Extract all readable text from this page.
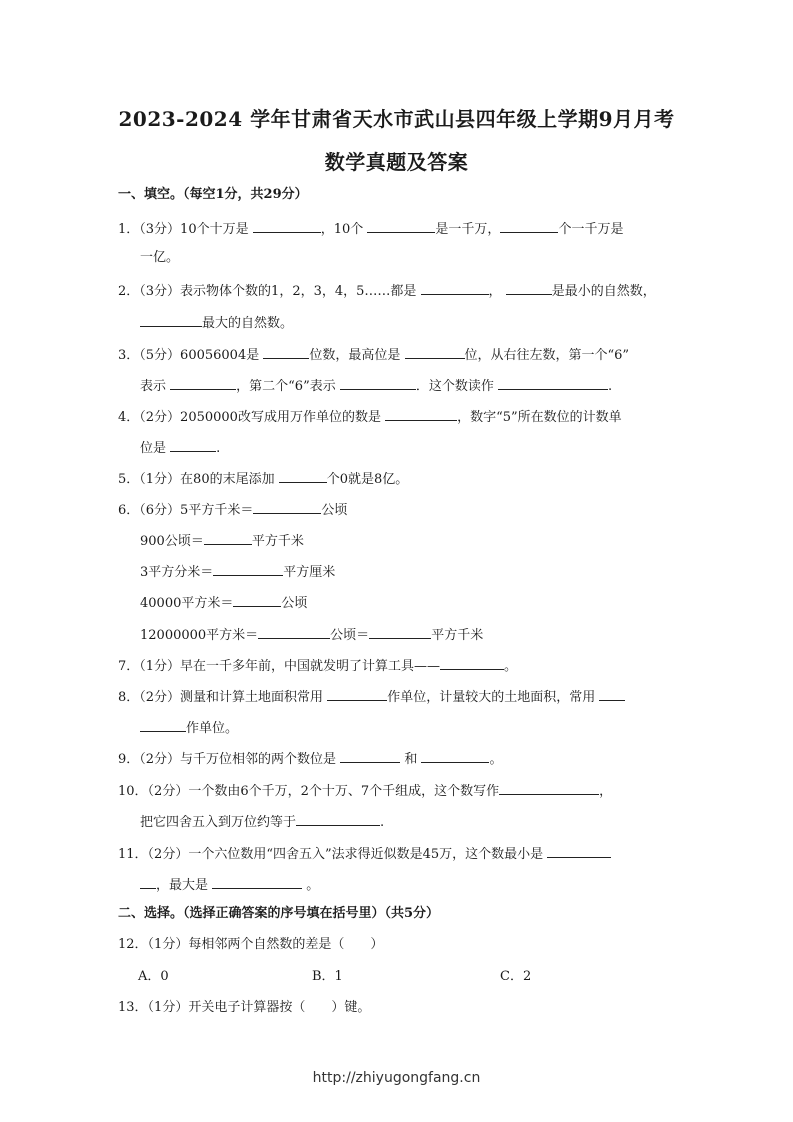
2023-2024 学年甘肃省天水市武山县四年级上学期9月月考
数学真题及答案
一、填空。（每空1分，共29分）
1．（3分）10个十万是	，10个	是一千万，	个一千万是
一亿。
2．（3分）表示物体个数的1，2，3，4，5……都是	，	是最小的自然数，
最大的自然数。
3．（5分）60056004是	位数，最高位是	位，从右往左数，第一个“6”
表示	，第二个“6”表示	．这个数读作	.
4．（2分）2050000改写成用万作单位的数是	，数字“5”所在数位的计数单
位是	.
5．（1分）在80的末尾添加	个0就是8亿。
6．（6分）5平方千米＝	公顷
900公顷＝	平方千米
3平方分米＝	平方厘米
40000平方米＝	公顷
12000000平方米＝	公顷＝	平方千米
7．（1分）早在一千多年前，中国就发明了计算工具——	。
8．（2分）测量和计算土地面积常用	作单位，计量较大的土地面积，常用
作单位。
9．（2分）与千万位相邻的两个数位是	和	。
10．（2分）一个数由6个千万，2个十万、7个千组成，这个数写作	，
把它四舍五入到万位约等于	.
11．（2分）一个六位数用“四舍五入”法求得近似数是45万，这个数最小是
，最大是	。
二、选择。（选择正确答案的序号填在括号里）（共5分）
12．（1分）每相邻两个自然数的差是（　　）
A．0	B．1	C．2
13．（1分）开关电子计算器按（　　）键。
http://zhiyugongfang.cn
